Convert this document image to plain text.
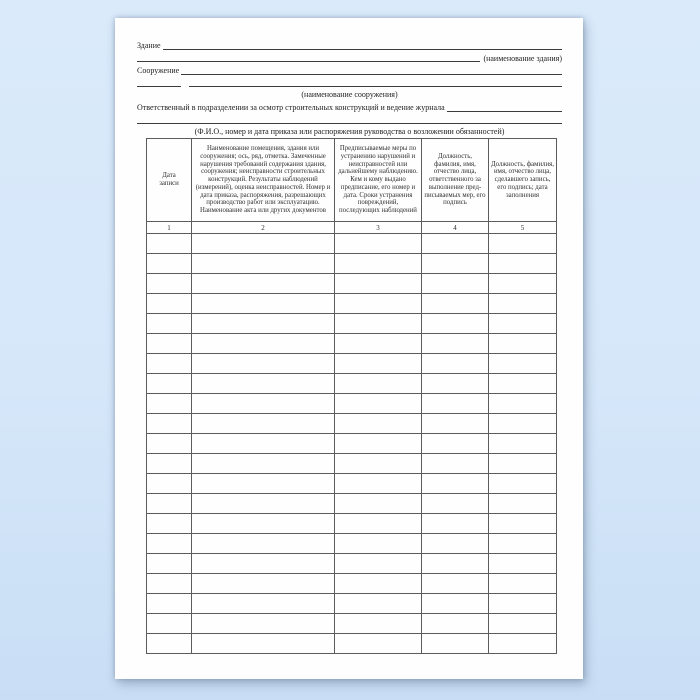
Здание
(наименование здания)
Сооружение
(наименование сооружения)
Ответственный в подразделении за осмотр строительных конструкций и ведение журнала
(Ф.И.О., номер и дата приказа или распоряжения руководства о возложении обязанностей)
Дата записи	Наименование помещения, здания или сооружения; ось, ряд, отметка. Замеченные нарушения требований содержания здания, сооружения; неисправности строительных конструкций. Результаты наблюдений (измерений), оценка неисправностей. Номер и дата приказа, распоряжения, разрешающих производство работ или эксплуатацию. Наименование акта или других документов	Предписываемые меры по устранению нарушений и неисправностей или дальнейшему наблюдению. Кем и кому выдано предписание, его номер и дата. Сроки устранения повреждений, последующих наблюдений	Должность, фамилия, имя, отчество лица, ответственного за выполнение пред-писываемых мер, его подпись	Должность, фамилия, имя, отчество лица, сделавшего запись, его подпись; дата заполнения
1	2	3	4	5
